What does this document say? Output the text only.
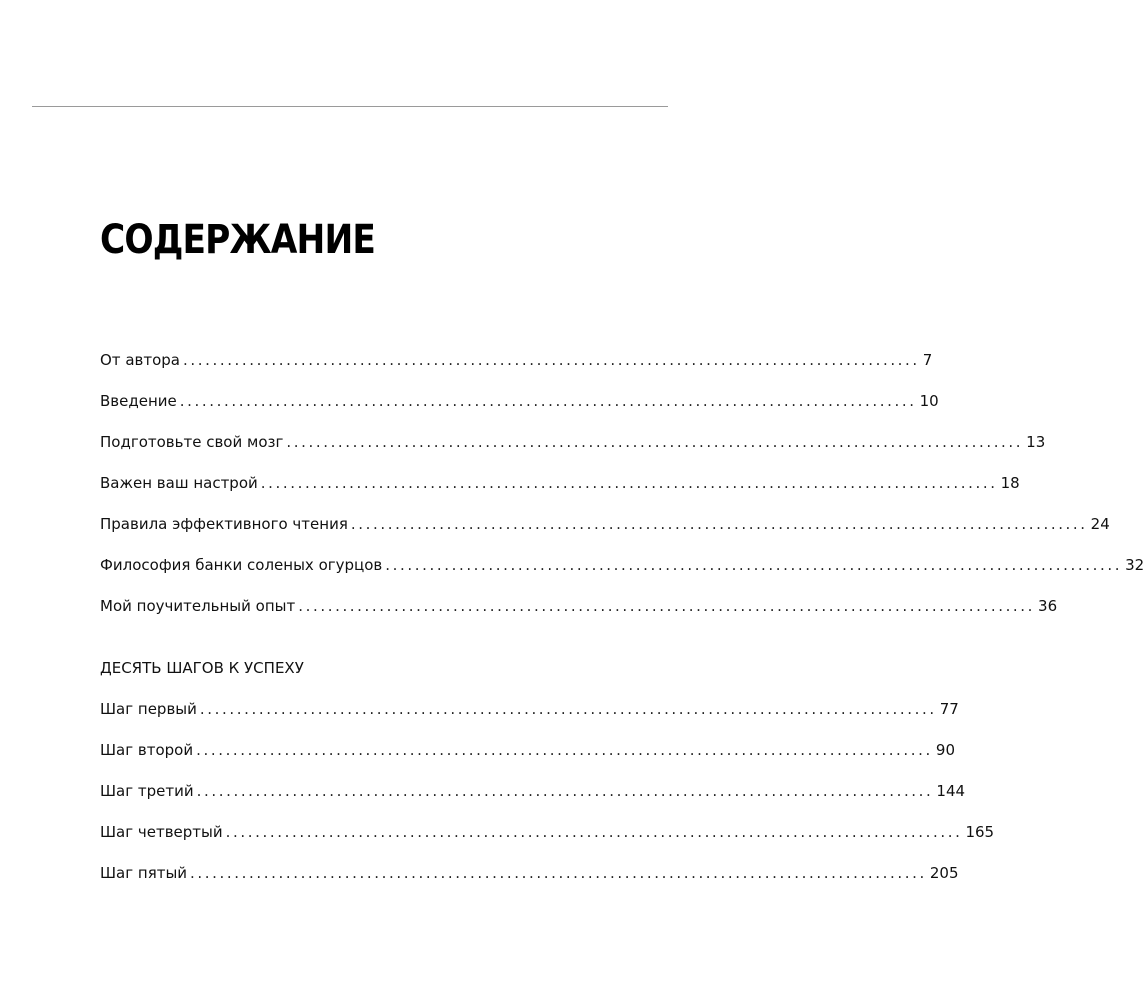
СОДЕРЖАНИЕ
От автора .................................................................................................... 7
Введение .................................................................................................... 10
Подготовьте свой мозг .................................................................................................... 13
Важен ваш настрой .................................................................................................... 18
Правила эффективного чтения .................................................................................................... 24
Философия банки соленых огурцов .................................................................................................... 32
Мой поучительный опыт .................................................................................................... 36
ДЕСЯТЬ ШАГОВ К УСПЕХУ
Шаг первый .................................................................................................... 77
Шаг второй .................................................................................................... 90
Шаг третий .................................................................................................... 144
Шаг четвертый .................................................................................................... 165
Шаг пятый .................................................................................................... 205
